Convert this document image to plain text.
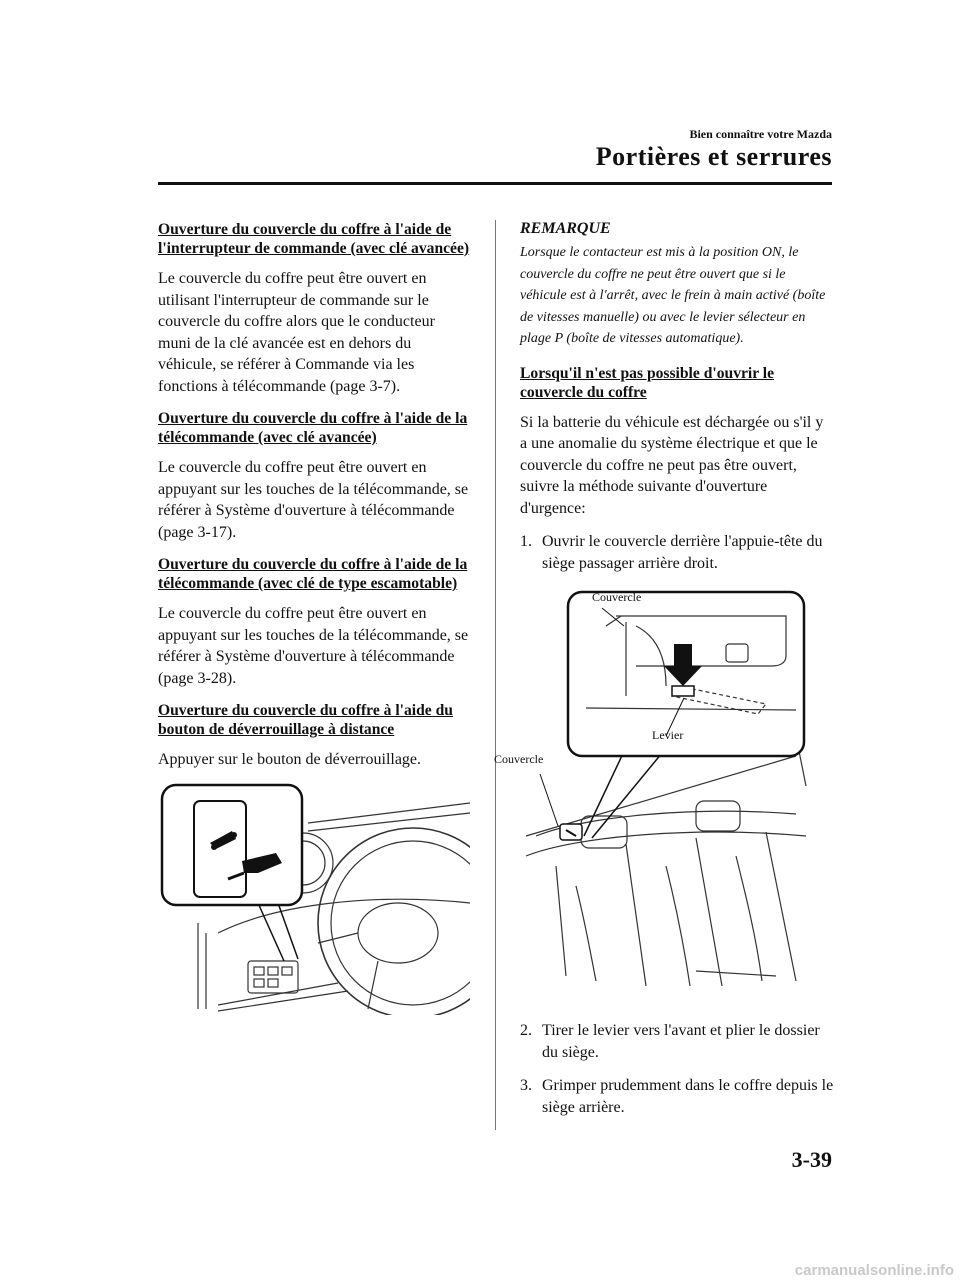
Bien connaître votre Mazda
Portières et serrures
Ouverture du couvercle du coffre à l'aide de l'interrupteur de commande (avec clé avancée)

Le couvercle du coffre peut être ouvert en utilisant l'interrupteur de commande sur le couvercle du coffre alors que le conducteur muni de la clé avancée est en dehors du véhicule, se référer à Commande via les fonctions à télécommande (page 3-7).

Ouverture du couvercle du coffre à l'aide de la télécommande (avec clé avancée)

Le couvercle du coffre peut être ouvert en appuyant sur les touches de la télécommande, se référer à Système d'ouverture à télécommande (page 3-17).

Ouverture du couvercle du coffre à l'aide de la télécommande (avec clé de type escamotable)

Le couvercle du coffre peut être ouvert en appuyant sur les touches de la télécommande, se référer à Système d'ouverture à télécommande (page 3-28).

Ouverture du couvercle du coffre à l'aide du bouton de déverrouillage à distance

Appuyer sur le bouton de déverrouillage.

REMARQUE

Lorsque le contacteur est mis à la position ON, le couvercle du coffre ne peut être ouvert que si le véhicule est à l'arrêt, avec le frein à main activé (boîte de vitesses manuelle) ou avec le levier sélecteur en plage P (boîte de vitesses automatique).

Lorsqu'il n'est pas possible d'ouvrir le couvercle du coffre

Si la batterie du véhicule est déchargée ou s'il y a une anomalie du système électrique et que le couvercle du coffre ne peut pas être ouvert, suivre la méthode suivante d'ouverture d'urgence:

1. Ouvrir le couvercle derrière l'appuie-tête du siège passager arrière droit.
Couvercle
Levier
Couvercle
2. Tirer le levier vers l'avant et plier le dossier du siège.
3. Grimper prudemment dans le coffre depuis le siège arrière.
3-39
carmanualsonline.info
